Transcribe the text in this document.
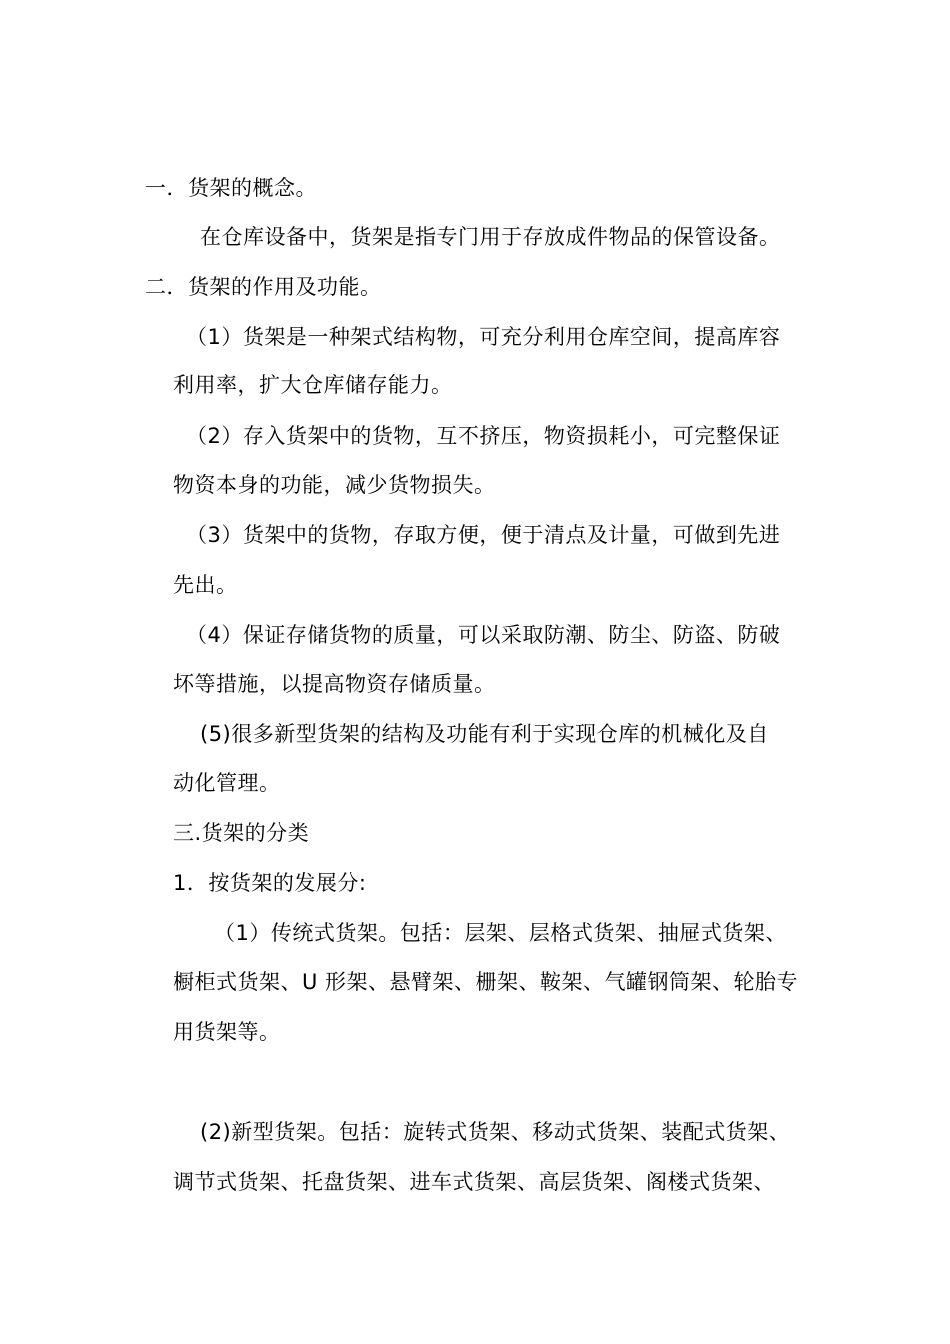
一．货架的概念。
在仓库设备中，货架是指专门用于存放成件物品的保管设备。
二．货架的作用及功能。
（1）货架是一种架式结构物，可充分利用仓库空间，提高库容
利用率，扩大仓库储存能力。
（2）存入货架中的货物，互不挤压，物资损耗小，可完整保证
物资本身的功能，减少货物损失。
（3）货架中的货物，存取方便，便于清点及计量，可做到先进
先出。
（4）保证存储货物的质量，可以采取防潮、防尘、防盗、防破
坏等措施，以提高物资存储质量。
(5)很多新型货架的结构及功能有利于实现仓库的机械化及自
动化管理。
三.货架的分类
1．按货架的发展分:
（1）传统式货架。包括：层架、层格式货架、抽屉式货架、
橱柜式货架、U 形架、悬臂架、栅架、鞍架、气罐钢筒架、轮胎专
用货架等。
(2)新型货架。包括：旋转式货架、移动式货架、装配式货架、
调节式货架、托盘货架、进车式货架、高层货架、阁楼式货架、
